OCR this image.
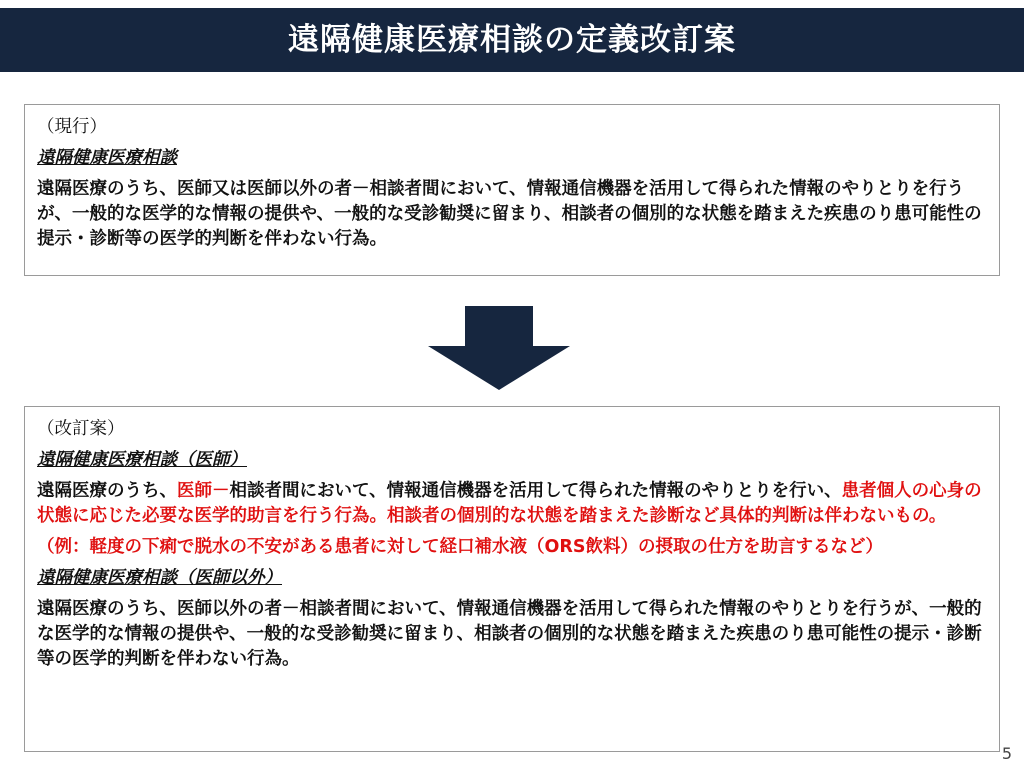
遠隔健康医療相談の定義改訂案
（現行）
遠隔健康医療相談

遠隔医療のうち、医師又は医師以外の者－相談者間において、情報通信機器を活用して得られた情報のやりとりを行うが、一般的な医学的な情報の提供や、一般的な受診勧奨に留まり、相談者の個別的な状態を踏まえた疾患のり患可能性の提示・診断等の医学的判断を伴わない行為。

（改訂案）
遠隔健康医療相談（医師）

遠隔医療のうち、医師－相談者間において、情報通信機器を活用して得られた情報のやりとりを行い、患者個人の心身の状態に応じた必要な医学的助言を行う行為。相談者の個別的な状態を踏まえた診断など具体的判断は伴わないもの。

（例：軽度の下痢で脱水の不安がある患者に対して経口補水液（ORS飲料）の摂取の仕方を助言するなど）

遠隔健康医療相談（医師以外）

遠隔医療のうち、医師以外の者－相談者間において、情報通信機器を活用して得られた情報のやりとりを行うが、一般的な医学的な情報の提供や、一般的な受診勧奨に留まり、相談者の個別的な状態を踏まえた疾患のり患可能性の提示・診断等の医学的判断を伴わない行為。

5
